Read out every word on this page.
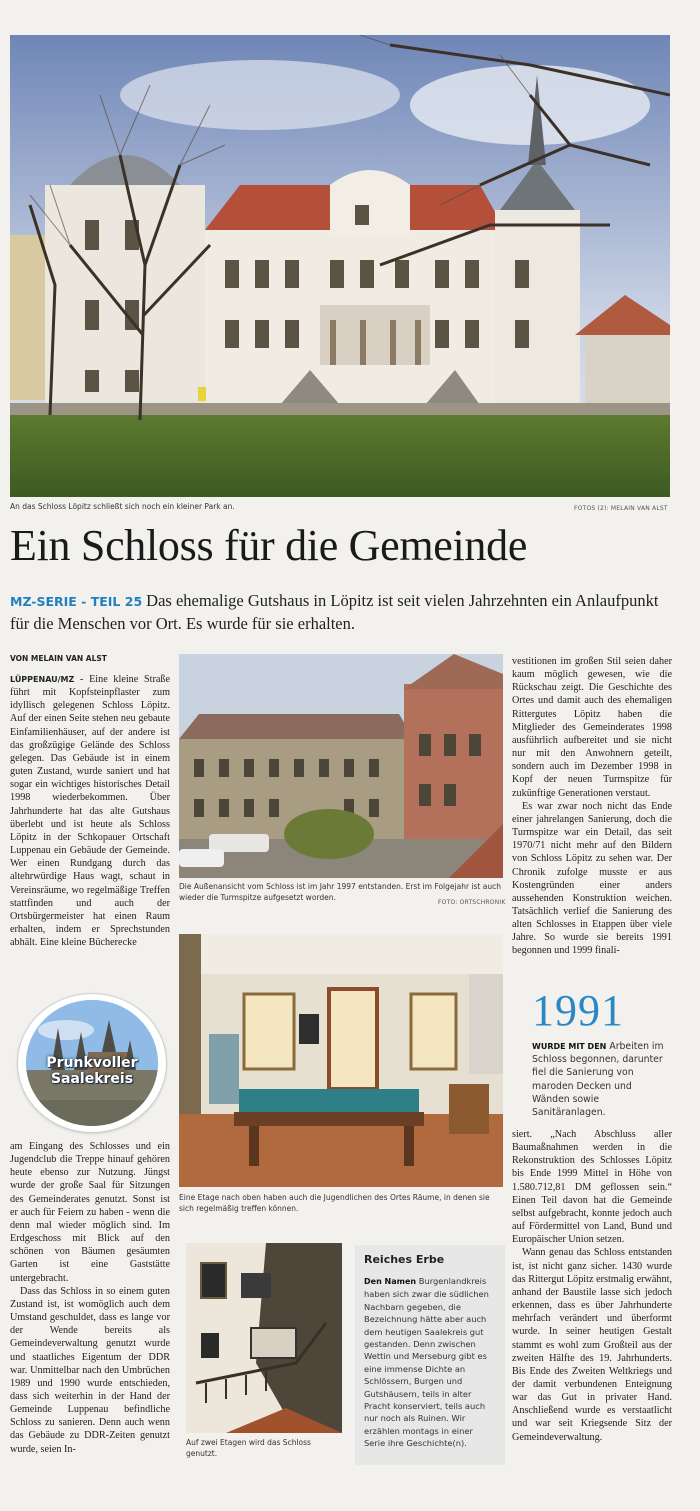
An das Schloss Löpitz schließt sich noch ein kleiner Park an.	FOTOS (2): MELAIN VAN ALST
Ein Schloss für die Gemeinde
MZ-SERIE - TEIL 25 Das ehemalige Gutshaus in Löpitz ist seit vielen Jahrzehnten ein Anlaufpunkt für die Menschen vor Ort. Es wurde für sie erhalten.
VON MELAIN VAN ALST

LÜPPENAU/MZ - Eine kleine Straße führt mit Kopfsteinpflaster zum idyllisch gelegenen Schloss Löpitz. Auf der einen Seite stehen neu gebaute Einfamilienhäuser, auf der andere ist das großzügige Gelände des Schloss gelegen. Das Gebäude ist in einem guten Zustand, wurde saniert und hat sogar ein wichtiges historisches Detail 1998 wiederbekommen. Über Jahrhunderte hat das alte Gutshaus überlebt und ist heute als Schloss Löpitz in der Schkopauer Ortschaft Luppenau ein Gebäude der Gemeinde. Wer einen Rundgang durch das altehrwürdige Haus wagt, schaut in Vereinsräume, wo regelmäßige Treffen stattfinden und auch der Ortsbürgermeister hat einen Raum erhalten, indem er Sprechstunden abhält. Eine kleine Bücherecke

Prunkvoller
Saalekreis

am Eingang des Schlosses und ein Jugendclub die Treppe hinauf gehören heute ebenso zur Nutzung. Jüngst wurde der große Saal für Sitzungen des Gemeinderates genutzt. Sonst ist er auch für Feiern zu haben - wenn die denn mal wieder möglich sind. Im Erdgeschoss mit Blick auf den schönen von Bäumen gesäumten Garten ist eine Gaststätte untergebracht.

Dass das Schloss in so einem guten Zustand ist, ist womöglich auch dem Umstand geschuldet, dass es lange vor der Wende bereits als Gemeindeverwaltung genutzt wurde und staatliches Eigentum der DDR war. Unmittelbar nach den Umbrüchen 1989 und 1990 wurde entschieden, dass sich weiterhin in der Hand der Gemeinde Luppenau befindliche Schloss zu sanieren. Denn auch wenn das Gebäude zu DDR-Zeiten genutzt wurde, seien In-

Die Außenansicht vom Schloss ist im Jahr 1997 entstanden. Erst im Folgejahr ist auch wieder die Turmspitze aufgesetzt worden.
FOTO: ORTSCHRONIK
Eine Etage nach oben haben auch die Jugendlichen des Ortes Räume, in denen sie sich regelmäßig treffen können.
Auf zwei Etagen wird das Schloss genutzt.
Reiches Erbe
Den Namen Burgenlandkreis haben sich zwar die südlichen Nachbarn gegeben, die Bezeichnung hätte aber auch dem heutigen Saalekreis gut gestanden. Denn zwischen Wettin und Merseburg gibt es eine immense Dichte an Schlössern, Burgen und Gutshäusern, teils in alter Pracht konserviert, teils auch nur noch als Ruinen. Wir erzählen montags in einer Serie ihre Geschichte(n).

vestitionen im großen Stil seien daher kaum möglich gewesen, wie die Rückschau zeigt. Die Geschichte des Ortes und damit auch des ehemaligen Rittergutes Löpitz haben die Mitglieder des Gemeinderates 1998 ausführlich aufbereitet und sie nicht nur mit den Anwohnern geteilt, sondern auch im Dezember 1998 in Kopf der neuen Turmspitze für zukünftige Generationen verstaut.

Es war zwar noch nicht das Ende einer jahrelangen Sanierung, doch die Turmspitze war ein Detail, das seit 1970/71 nicht mehr auf den Bildern von Schloss Löpitz zu sehen war. Der Chronik zufolge musste er aus Kostengründen einer anders aussehenden Konstruktion weichen. Tatsächlich verlief die Sanierung des alten Schlosses in Etappen über viele Jahre. So wurde sie bereits 1991 begonnen und 1999 finali-

1991
WURDE MIT DEN Arbeiten im Schloss begonnen, darunter fiel die Sanierung von maroden Decken und Wänden sowie Sanitäranlagen.

siert. „Nach Abschluss aller Baumaßnahmen werden in die Rekonstruktion des Schlosses Löpitz bis Ende 1999 Mittel in Höhe von 1.580.712,81 DM geflossen sein.“ Einen Teil davon hat die Gemeinde selbst aufgebracht, konnte jedoch auch auf Fördermittel von Land, Bund und Europäischer Union setzen.

Wann genau das Schloss entstanden ist, ist nicht ganz sicher. 1430 wurde das Rittergut Löpitz erstmalig erwähnt, anhand der Baustile lasse sich jedoch erkennen, dass es über Jahrhunderte mehrfach verändert und überformt wurde. In seiner heutigen Gestalt stammt es wohl zum Großteil aus der zweiten Hälfte des 19. Jahrhunderts. Bis Ende des Zweiten Weltkriegs und der damit verbundenen Enteignung war das Gut in privater Hand. Anschließend wurde es verstaatlicht und war seit Kriegsende Sitz der Gemeindeverwaltung.
